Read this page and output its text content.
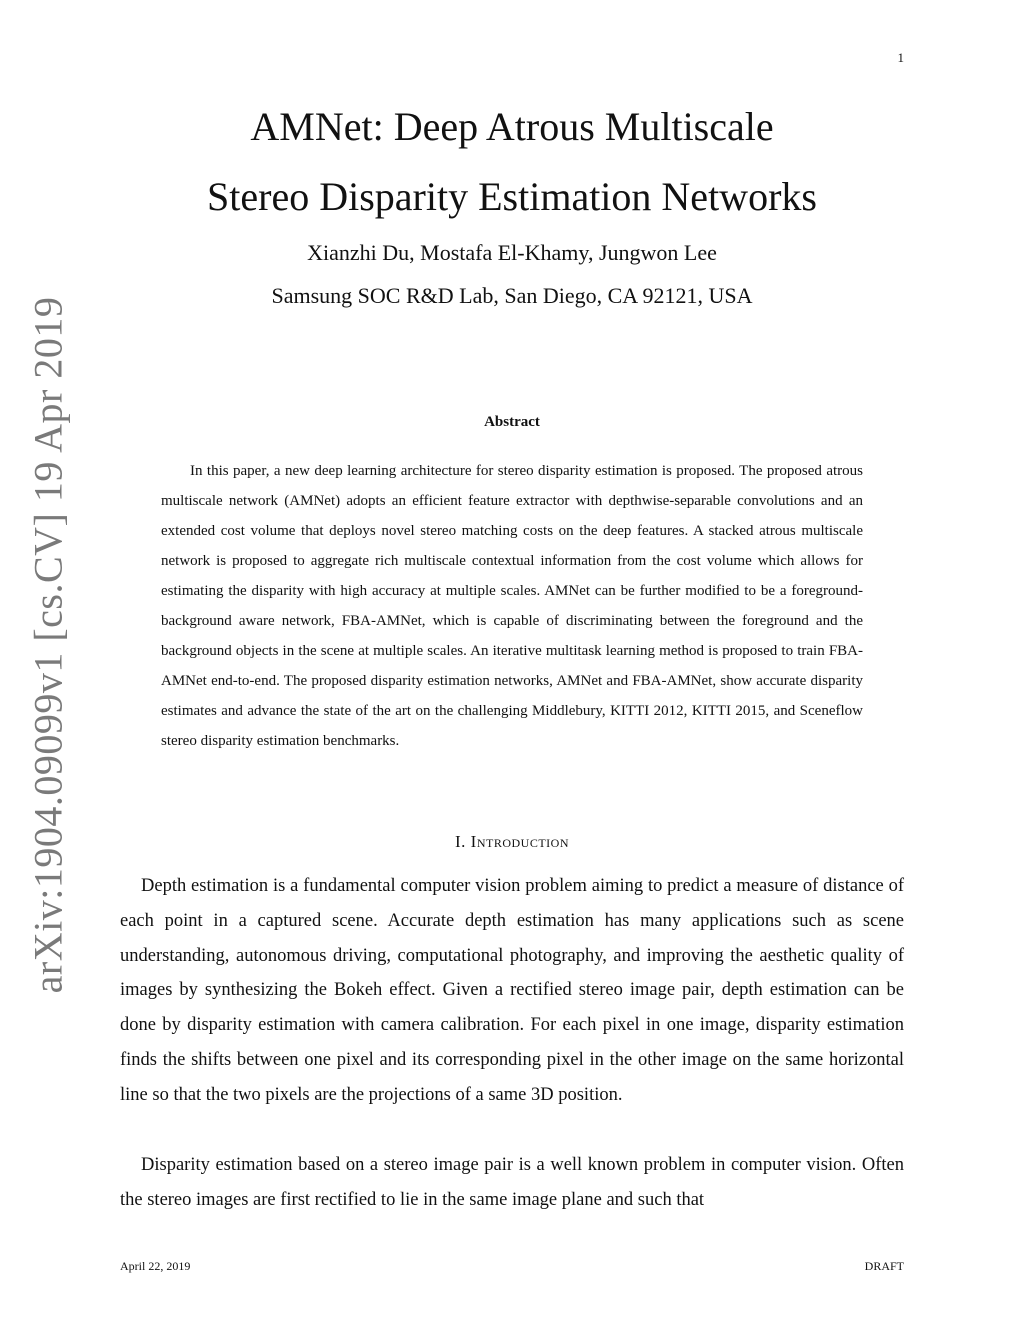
1
AMNet: Deep Atrous Multiscale
Stereo Disparity Estimation Networks
Xianzhi Du, Mostafa El-Khamy, Jungwon Lee
Samsung SOC R&D Lab, San Diego, CA 92121, USA
arXiv:1904.09099v1 [cs.CV] 19 Apr 2019	Abstract

In this paper, a new deep learning architecture for stereo disparity estimation is proposed. The proposed atrous multiscale network (AMNet) adopts an efficient feature extractor with depthwise-separable convolutions and an extended cost volume that deploys novel stereo matching costs on the deep features. A stacked atrous multiscale network is proposed to aggregate rich multiscale contextual information from the cost volume which allows for estimating the disparity with high accuracy at multiple scales. AMNet can be further modified to be a foreground-background aware network, FBA-AMNet, which is capable of discriminating between the foreground and the background objects in the scene at multiple scales. An iterative multitask learning method is proposed to train FBA-AMNet end-to-end. The proposed disparity estimation networks, AMNet and FBA-AMNet, show accurate disparity estimates and advance the state of the art on the challenging Middlebury, KITTI 2012, KITTI 2015, and Sceneflow stereo disparity estimation benchmarks.

I. Introduction

Depth estimation is a fundamental computer vision problem aiming to predict a measure of distance of each point in a captured scene. Accurate depth estimation has many applications such as scene understanding, autonomous driving, computational photography, and improving the aesthetic quality of images by synthesizing the Bokeh effect. Given a rectified stereo image pair, depth estimation can be done by disparity estimation with camera calibration. For each pixel in one image, disparity estimation finds the shifts between one pixel and its corresponding pixel in the other image on the same horizontal line so that the two pixels are the projections of a same 3D position.

Disparity estimation based on a stereo image pair is a well known problem in computer vision. Often the stereo images are first rectified to lie in the same image plane and such that

April 22, 2019	DRAFT
